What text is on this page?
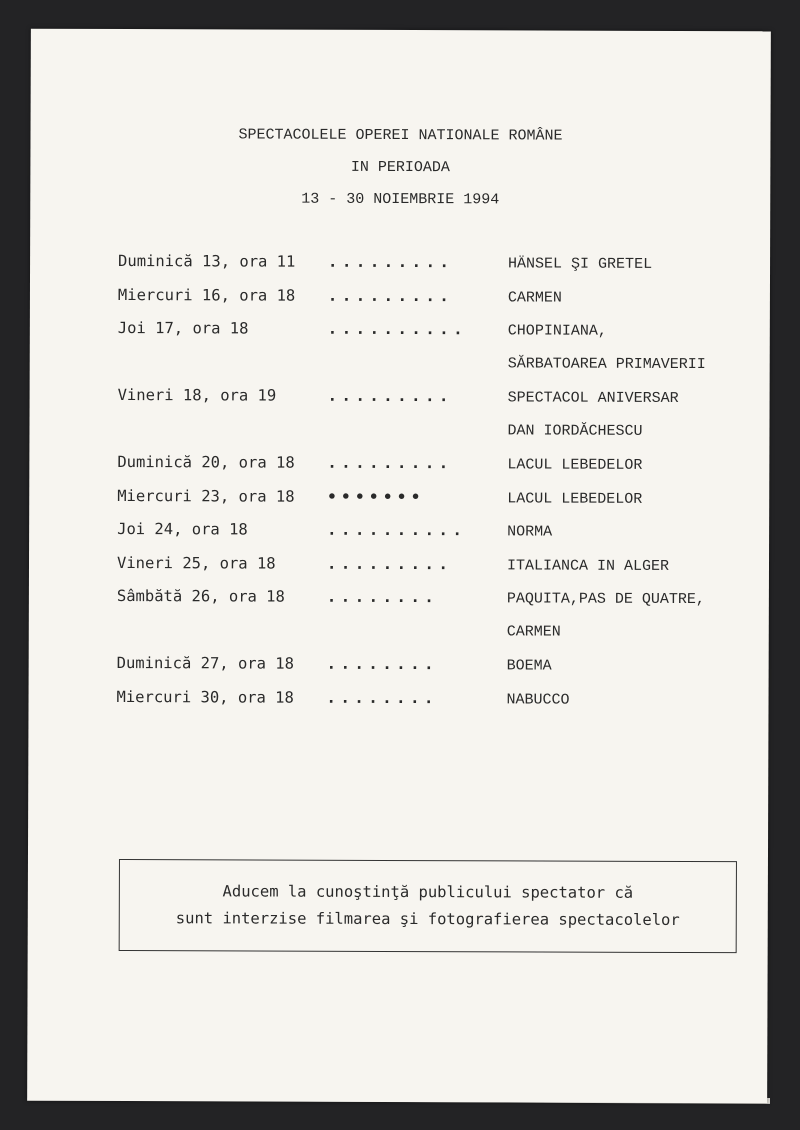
SPECTACOLELE OPEREI NATIONALE ROMÂNE
IN PERIOADA
13 - 30 NOIEMBRIE 1994
Duminică 13, ora 11	.........	HÄNSEL ŞI GRETEL
Miercuri 16, ora 18	.........	CARMEN
Joi 17, ora 18	..........	CHOPINIANA,
SĂRBATOAREA PRIMAVERII
Vineri 18, ora 19	.........	SPECTACOL ANIVERSAR
DAN IORDĂCHESCU
Duminică 20, ora 18	.........	LACUL LEBEDELOR
Miercuri 23, ora 18	•••••••	LACUL LEBEDELOR
Joi 24, ora 18	..........	NORMA
Vineri 25, ora 18	.........	ITALIANCA IN ALGER
Sâmbătă 26, ora 18	........	PAQUITA,PAS DE QUATRE,
CARMEN
Duminică 27, ora 18	........	BOEMA
Miercuri 30, ora 18	........	NABUCCO
Aducem la cunoştinţă publicului spectator că
sunt interzise filmarea şi fotografierea spectacolelor
